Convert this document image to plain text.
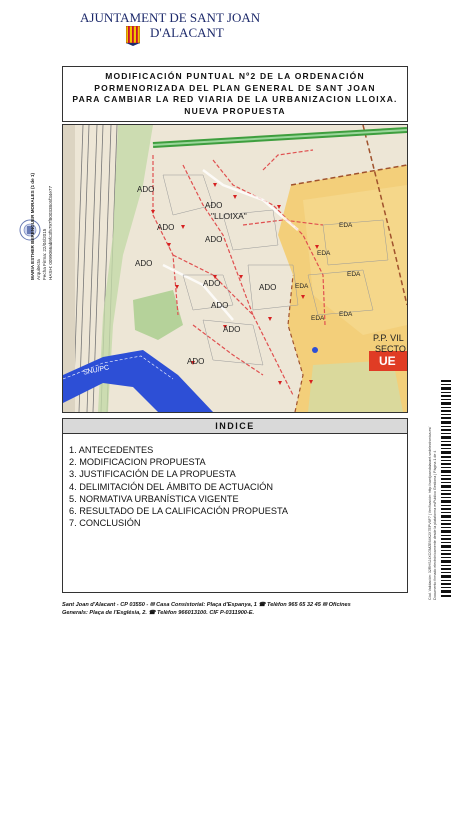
AJUNTAMENT DE SANT JOAN
D'ALACANT
MARIA ESTHER BERENGUER MORALES (1 de 1) Arquitecta Fecha Firma: 22/04/2015 HASH: 0099066ab9fc3f5797f800338c6f34e77
MODIFICACIÓN PUNTUAL Nº2 DE LA ORDENACIÓN
PORMENORIZADA DEL PLAN GENERAL DE SANT JOAN
PARA CAMBIAR LA RED VIARIA DE LA URBANIZACION LLOIXA.
NUEVA PROPUESTA
ADO
ADO
ADO
ADO
ADO
ADO	ADO
ADO
ADO
ADO
"LLOIXA"
EDA
EDA
EDA
EDA
EDA
EDA
P.P. VIL
SECTO
UE
SNU/PC
INDICE
1. ANTECEDENTES
2. MODIFICACION PROPUESTA
3. JUSTIFICACIÓN DE LA PROPUESTA
4. DELIMITACIÓN DEL ÁMBITO DE ACTUACIÓN
5. NORMATIVA URBANÍSTICA VIGENTE
6. RESULTADO DE LA CALIFICACIÓN PROPUESTA
7. CONCLUSIÓN
Sant Joan d'Alacant - CP 03550 - ✉ Casa Consistorial: Plaça d'Espanya, 1 ☎ Telèfon 965 65 32 45 ✉ Oficines
Generals: Plaça de l'Església, 2. ☎ Telèfon 966013100. CIF P-0311900-E.
Cód. Validación: 32RHSJ4XCGMZE64K2X7EPV6F7 | Verificación: http://santjoandalacant.sedelectronica.es/ Documento firmado electrónicamente desde la plataforma esPublico Gestiona | Página 1 de 4
